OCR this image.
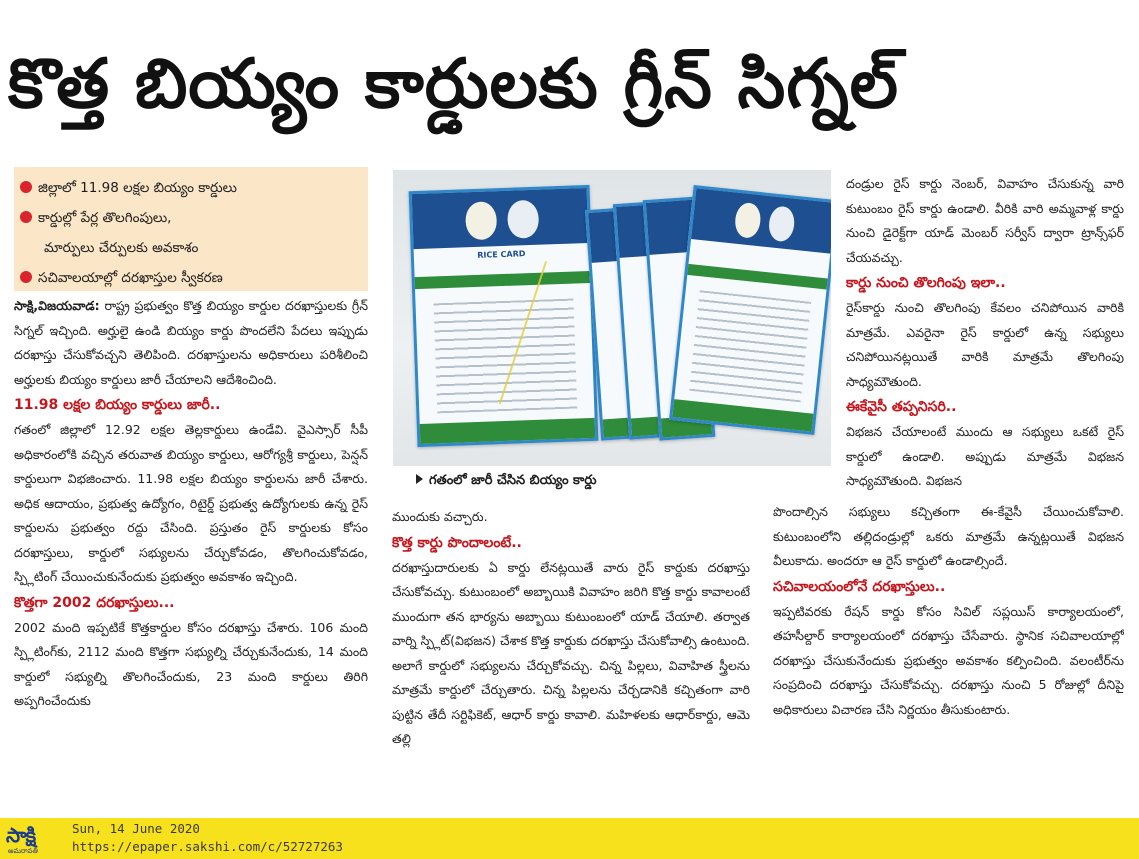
కొత్త బియ్యం కార్డులకు గ్రీన్ సిగ్నల్
జిల్లాలో 11.98 లక్షల బియ్యం కార్డులు
కార్డుల్లో పేర్ల తొలగింపులు,
మార్పులు చేర్పులకు అవకాశం
సచివాలయాల్లో దరఖాస్తుల స్వీకరణ

సాక్షి,విజయవాడ: రాష్ట్ర ప్రభుత్వం కొత్త బియ్యం కార్డుల దరఖాస్తులకు గ్రీన్ సిగ్నల్ ఇచ్చింది. అర్హులై ఉండి బియ్యం కార్డు పొందలేని పేదలు ఇప్పుడు దరఖాస్తు చేసుకోవచ్చని తెలిపింది. దరఖాస్తులను అధికారులు పరిశీలించి అర్హులకు బియ్యం కార్డులు జారీ చేయాలని ఆదేశించింది.

11.98 లక్షల బియ్యం కార్డులు జారీ..

గతంలో జిల్లాలో 12.92 లక్షల తెల్లకార్డులు ఉండేవి. వైఎస్సార్ సీపీ అధికారంలోకి వచ్చిన తరువాత బియ్యం కార్డులు, ఆరోగ్యశ్రీ కార్డులు, పెన్షన్ కార్డులుగా విభజించారు. 11.98 లక్షల బియ్యం కార్డులను జారీ చేశారు. అధిక ఆదాయం, ప్రభుత్వ ఉద్యోగం, రిటైర్డ్ ప్రభుత్వ ఉద్యోగులకు ఉన్న రైస్ కార్డులను ప్రభుత్వం రద్దు చేసింది. ప్రస్తుతం రైస్ కార్డులకు కోసం దరఖాస్తులు, కార్డులో సభ్యులను చేర్చుకోవడం, తొలగించుకోవడం, స్ప్లిటింగ్ చేయించుకునేందుకు ప్రభుత్వం అవకాశం ఇచ్చింది.

కొత్తగా 2002 దరఖాస్తులు...

2002 మంది ఇప్పటికే కొత్తకార్డుల కోసం దరఖాస్తు చేశారు. 106 మంది స్ప్లిటింగ్‌కు, 2112 మంది కొత్తగా సభ్యుల్ని చేర్చుకునేందుకు, 14 మంది కార్డులో సభ్యుల్ని తొలగించేందుకు, 23 మంది కార్డులు తిరిగి అప్పగించేందుకు

RICE CARD
గతంలో జారీ చేసిన బియ్యం కార్డు

ముందుకు వచ్చారు.

కొత్త కార్డు పొందాలంటే..

దరఖాస్తుదారులకు ఏ కార్డు లేనట్లయితే వారు రైస్ కార్డుకు దరఖాస్తు చేసుకోవచ్చు. కుటుంబంలో అబ్బాయికి వివాహం జరిగి కొత్త కార్డు కావాలంటే ముందుగా తన భార్యను అబ్బాయి కుటుంబంలో యాడ్ చేయాలి. తర్వాత వార్ని స్ప్లిట్(విభజన) చేశాక కొత్త కార్డుకు దరఖాస్తు చేసుకోవాల్సి ఉంటుంది. అలాగే కార్డులో సభ్యులను చేర్చుకోవచ్చు. చిన్న పిల్లలు, వివాహిత స్త్రీలను మాత్రమే కార్డులో చేర్చుతారు. చిన్న పిల్లలను చేర్చడానికి కచ్చితంగా వారి పుట్టిన తేదీ సర్టిఫికెట్, ఆధార్ కార్డు కావాలి. మహిళలకు ఆధార్‌కార్డు, ఆమె తల్లి

దండ్రుల రైస్ కార్డు నెంబర్, వివాహం చేసుకున్న వారి కుటుంబం రైస్ కార్డు ఉండాలి. వీరికి వారి అమ్మవాళ్ల కార్డు నుంచి డైరెక్ట్‌గా యాడ్ మెంబర్ సర్వీస్ ద్వారా ట్రాన్స్‌ఫర్ చేయవచ్చు.

కార్డు నుంచి తొలగింపు ఇలా..

రైస్‌కార్డు నుంచి తొలగింపు కేవలం చనిపోయిన వారికి మాత్రమే. ఎవరైనా రైస్ కార్డులో ఉన్న సభ్యులు చనిపోయినట్లయితే వారికి మాత్రమే తొలగింపు సాధ్యమౌతుంది.

ఈకేవైసీ తప్పనిసరి..

విభజన చేయాలంటే ముందు ఆ సభ్యులు ఒకటే రైస్ కార్డులో ఉండాలి. అప్పుడు మాత్రమే విభజన సాధ్యమౌతుంది. విభజన

పొందాల్సిన సభ్యులు కచ్చితంగా ఈ-కేవైసీ చేయించుకోవాలి. కుటుంబంలోని తల్లిదండ్రుల్లో ఒకరు మాత్రమే ఉన్నట్లయితే విభజన వీలుకాదు. అందరూ ఆ రైస్ కార్డులో ఉండాల్సిందే.

సచివాలయంలోనే దరఖాస్తులు..

ఇప్పటివరకు రేషన్ కార్డు కోసం సివిల్ సప్లయిస్ కార్యాలయంలో, తహసీల్దార్ కార్యాలయంలో దరఖాస్తు చేసేవారు. స్థానిక సచివాలయాల్లో దరఖాస్తు చేసుకునేందుకు ప్రభుత్వం అవకాశం కల్పించింది. వలంటీర్‌ను సంప్రదించి దరఖాస్తు చేసుకోవచ్చు. దరఖాస్తు నుంచి 5 రోజుల్లో దీనిపై అధికారులు విచారణ చేసి నిర్ణయం తీసుకుంటారు.

సాక్షి
అమరావతి
Sun, 14 June 2020
https://epaper.sakshi.com/c/52727263
